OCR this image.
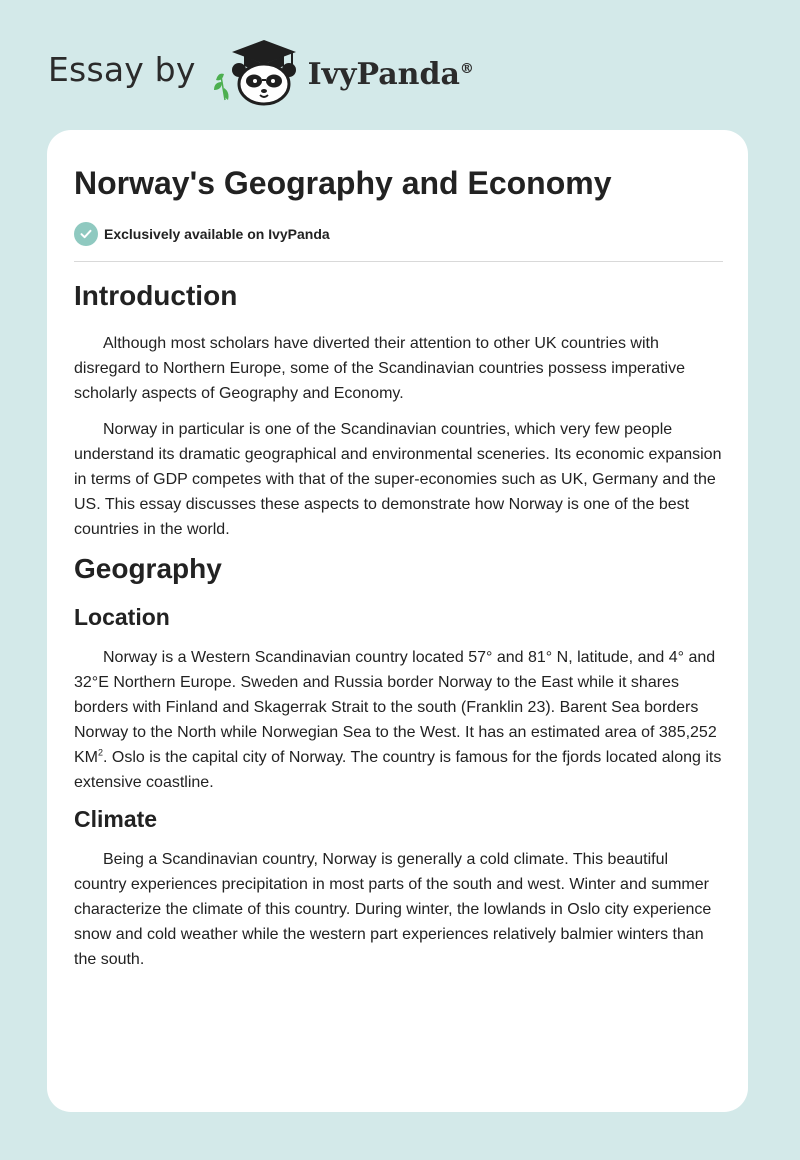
Essay by	IvyPanda®
Norway's Geography and Economy
Exclusively available on IvyPanda
Introduction

Although most scholars have diverted their attention to other UK countries with disregard to Northern Europe, some of the Scandinavian countries possess imperative scholarly aspects of Geography and Economy.

Norway in particular is one of the Scandinavian countries, which very few people understand its dramatic geographical and environmental sceneries. Its economic expansion in terms of GDP competes with that of the super-economies such as UK, Germany and the US. This essay discusses these aspects to demonstrate how Norway is one of the best countries in the world.

Geography
Location

Norway is a Western Scandinavian country located 57° and 81° N, latitude, and 4° and 32°E Northern Europe. Sweden and Russia border Norway to the East while it shares borders with Finland and Skagerrak Strait to the south (Franklin 23). Barent Sea borders Norway to the North while Norwegian Sea to the West. It has an estimated area of 385,252 $KM^2$. Oslo is the capital city of Norway. The country is famous for the fjords located along its extensive coastline.

Climate

Being a Scandinavian country, Norway is generally a cold climate. This beautiful country experiences precipitation in most parts of the south and west. Winter and summer characterize the climate of this country. During winter, the lowlands in Oslo city experience snow and cold weather while the western part experiences relatively balmier winters than the south.
